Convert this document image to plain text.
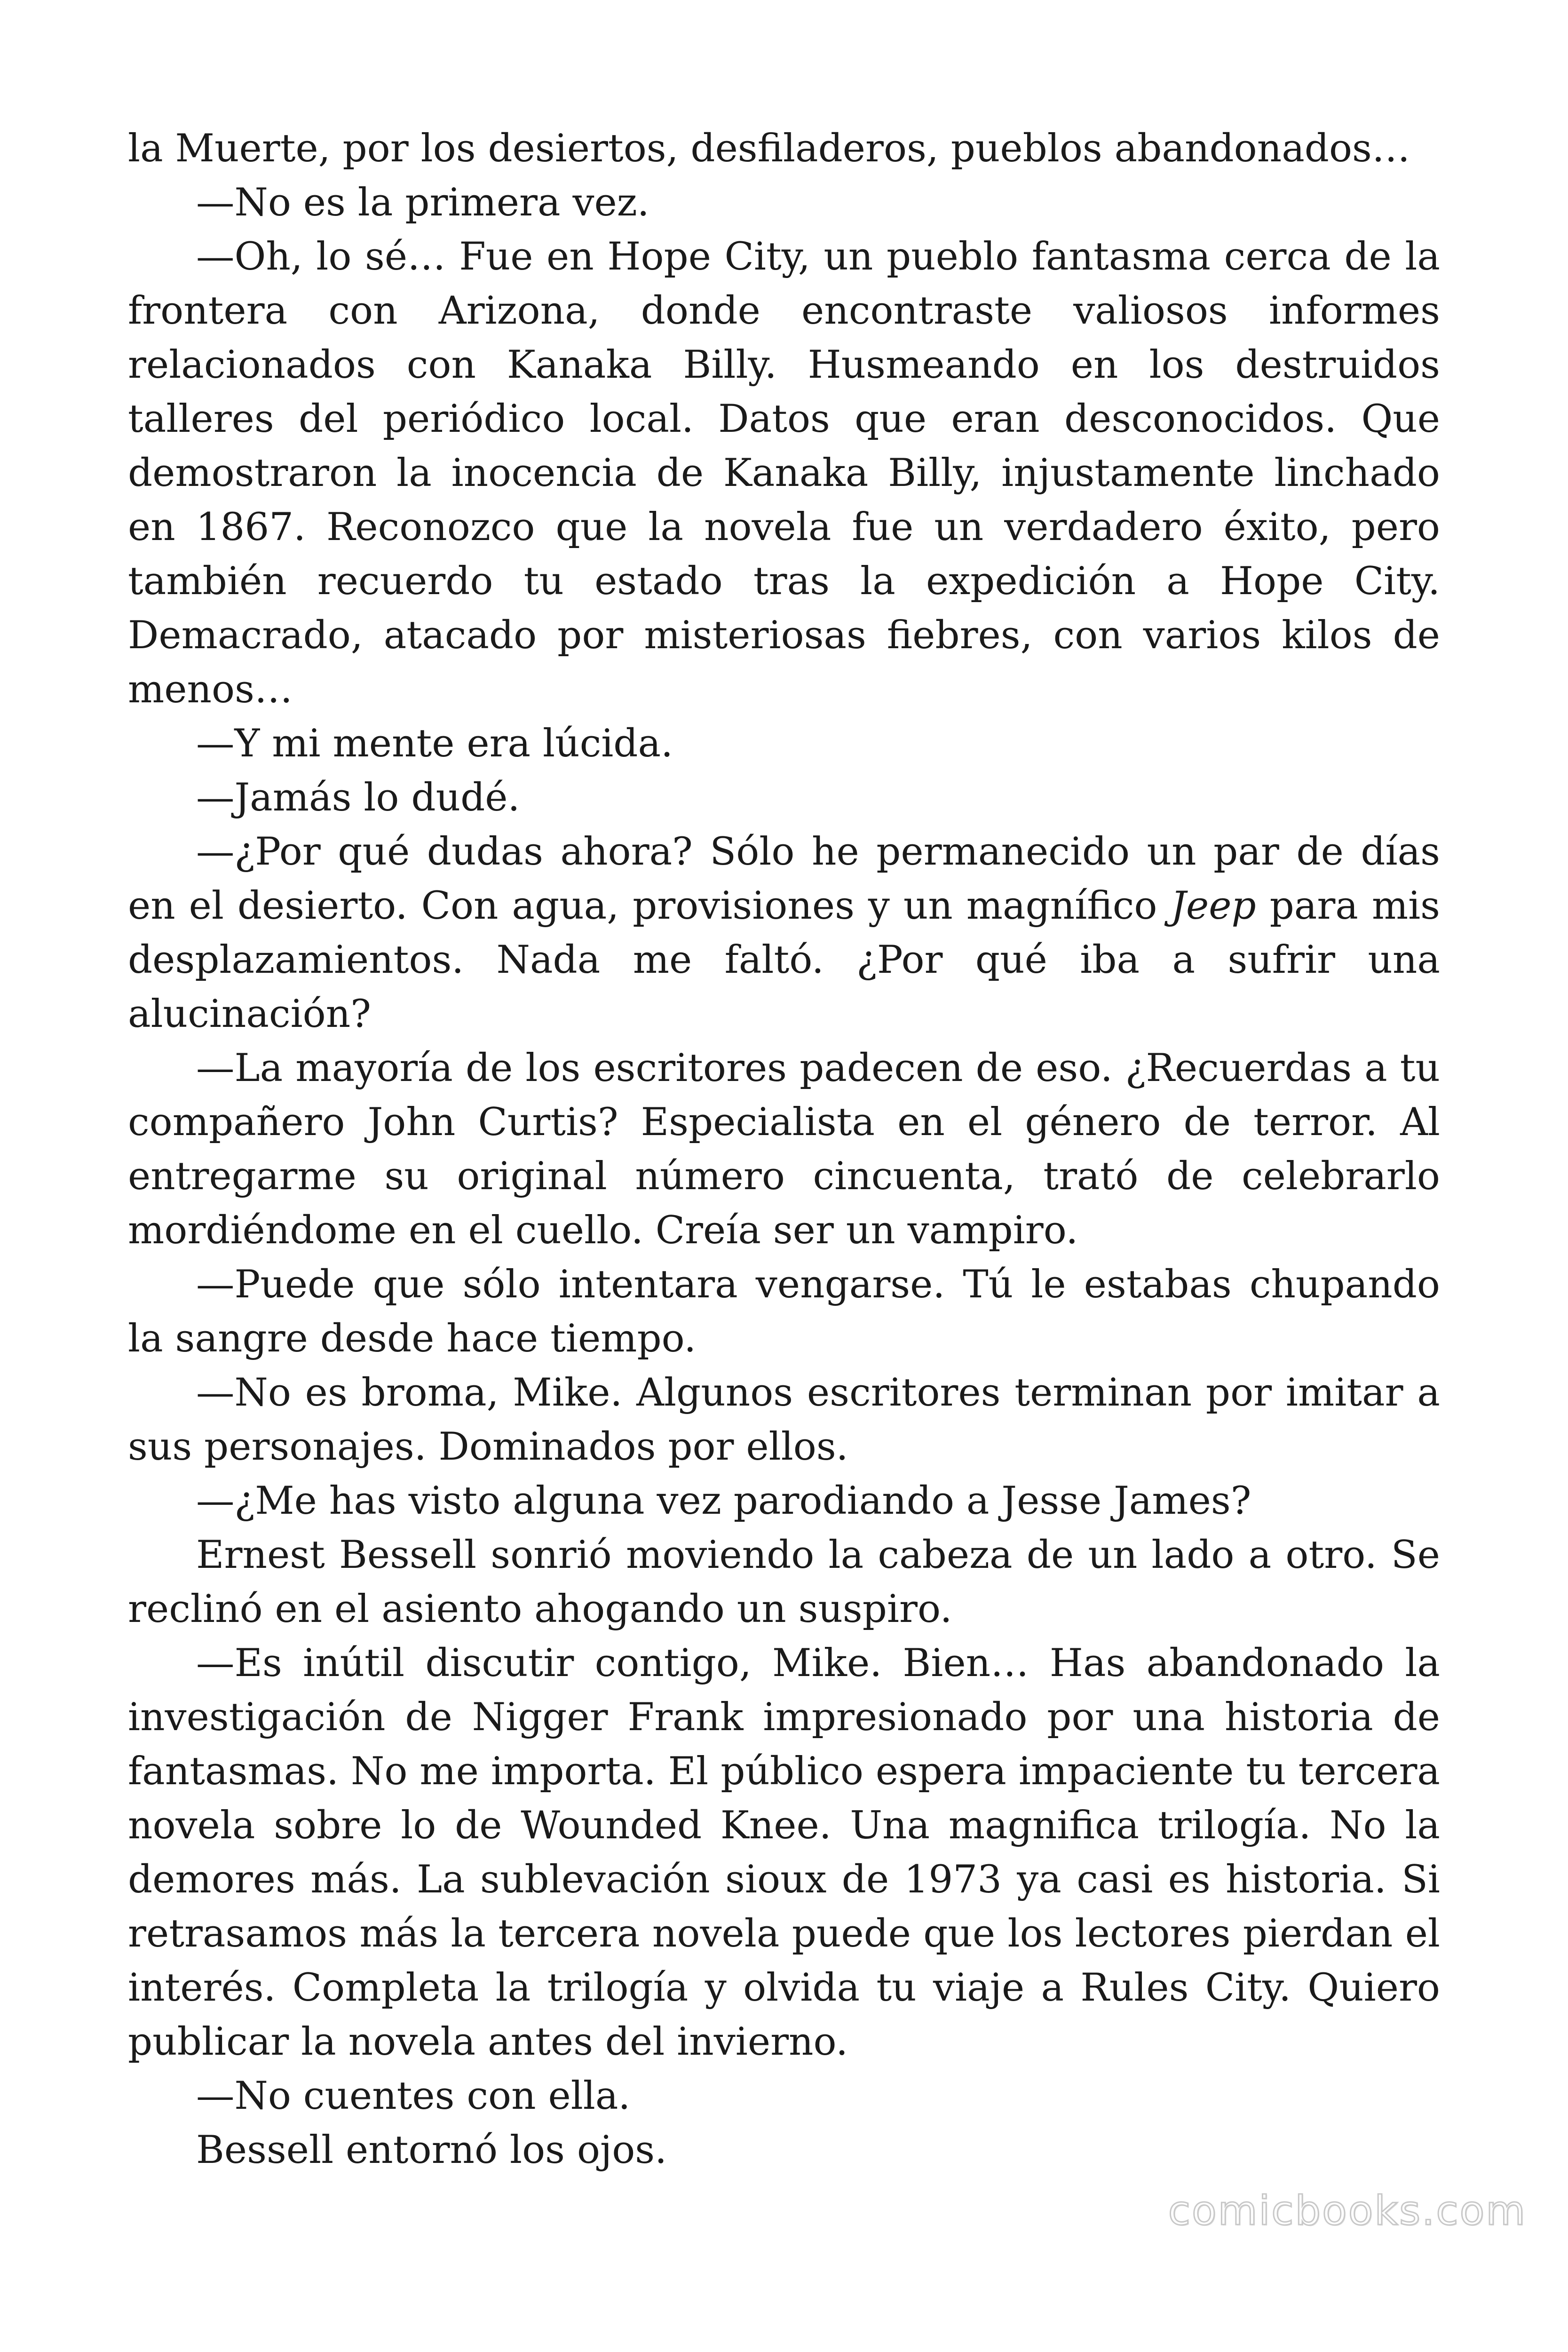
la Muerte, por los desiertos, desfiladeros, pueblos abandonados…

—No es la primera vez.

—Oh, lo sé… Fue en Hope City, un pueblo fantasma cerca de la frontera con Arizona, donde encontraste valiosos informes relacionados con Kanaka Billy. Husmeando en los destruidos talleres del periódico local. Datos que eran desconocidos. Que demostraron la inocencia de Kanaka Billy, injustamente linchado en 1867. Reconozco que la novela fue un verdadero éxito, pero también recuerdo tu estado tras la expedición a Hope City. Demacrado, atacado por misteriosas fiebres, con varios kilos de menos…

—Y mi mente era lúcida.

—Jamás lo dudé.

—¿Por qué dudas ahora? Sólo he permanecido un par de días en el desierto. Con agua, provisiones y un magnífico Jeep para mis desplazamientos. Nada me faltó. ¿Por qué iba a sufrir una alucinación?

—La mayoría de los escritores padecen de eso. ¿Recuerdas a tu compañero John Curtis? Especialista en el género de terror. Al entregarme su original número cincuenta, trató de celebrarlo mordiéndome en el cuello. Creía ser un vampiro.

—Puede que sólo intentara vengarse. Tú le estabas chupando la sangre desde hace tiempo.

—No es broma, Mike. Algunos escritores terminan por imitar a sus personajes. Dominados por ellos.

—¿Me has visto alguna vez parodiando a Jesse James?

Ernest Bessell sonrió moviendo la cabeza de un lado a otro. Se reclinó en el asiento ahogando un suspiro.

—Es inútil discutir contigo, Mike. Bien… Has abandonado la investigación de Nigger Frank impresionado por una historia de fantasmas. No me importa. El público espera impaciente tu tercera novela sobre lo de Wounded Knee. Una magnifica trilogía. No la demores más. La sublevación sioux de 1973 ya casi es historia. Si retrasamos más la tercera novela puede que los lectores pierdan el interés. Completa la trilogía y olvida tu viaje a Rules City. Quiero publicar la novela antes del invierno.

—No cuentes con ella.

Bessell entornó los ojos.

comicbooks.com
